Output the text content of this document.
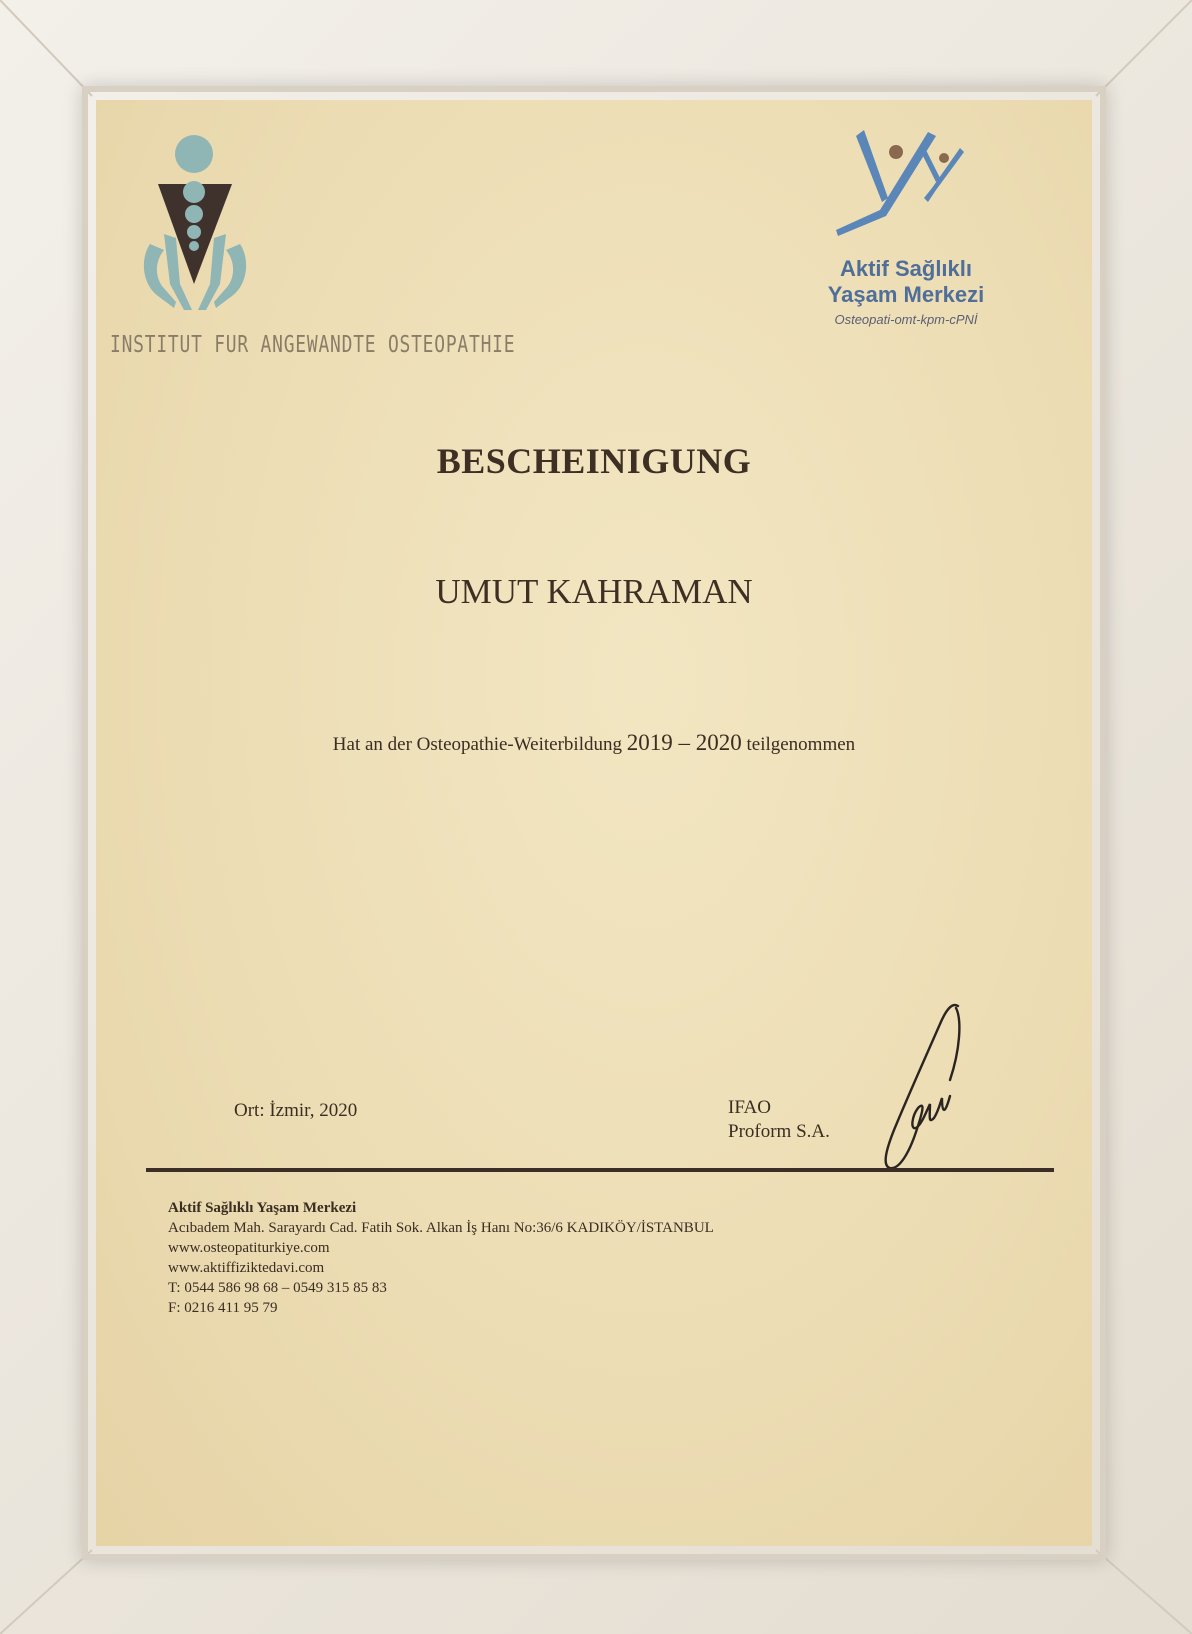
INSTITUT FUR ANGEWANDTE OSTEOPATHIE
Aktif Sağlıklı
Yaşam Merkezi
Osteopati-omt-kpm-cPNİ
BESCHEINIGUNG
UMUT KAHRAMAN
Hat an der Osteopathie-Weiterbildung 2019 – 2020 teilgenommen
Ort: İzmir, 2020	IFAO
Proform S.A.
Aktif Sağlıklı Yaşam Merkezi
Acıbadem Mah. Sarayardı Cad. Fatih Sok. Alkan İş Hanı No:36/6 KADIKÖY/İSTANBUL
www.osteopatiturkiye.com
www.aktiffiziktedavi.com
T: 0544 586 98 68 – 0549 315 85 83
F: 0216 411 95 79
